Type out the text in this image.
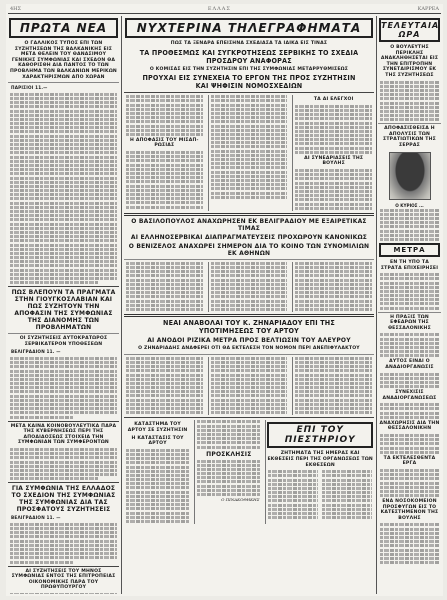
4ΗΣ	ΕΛΛΑΣ	ΚΑΡΡΕΑ
ΠΡΩΤΑ ΝΕΑ
Ο ΓΑΛΛΙΚΟΣ ΤΥΠΟΣ ΕΠΙ ΤΩΝ ΣΥΖΗΤΗΣΕΩΝ ΤΗΣ ΒΑΛΚΑΝΙΚΗΣ ΕΙΣ ΜΕΤΑ ΘΕΛΕΙΝ ΤΟΥ ΘΑΝΑΣΙΜΟΥ ΓΕΝΙΚΗΣ ΣΥΜΦΩΝΙΑΣ ΚΑΙ ΣΧΕΔΟΝ ΘΑ ΚΑΘΟΡΙΣΘΗ ΔΙΑ ΠΑΝΤΟΣ ΤΟ ΤΩΝ ΠΡΟΒΛΗΜΑ ΤΩΝ ΒΑΛΚΑΝΙΩΝ ΜΕΡΙΚΩΝ ΧΑΡΑΚΤΗΡΙΣΜΩΝ ΑΠΟ ΧΩΡΑΝ
ΠΑΡΙΣΙΟΙ 11.—
ΠΩΣ ΒΛΕΠΟΥΝ ΤΑ ΠΡΑΓΜΑΤΑ ΣΤΗΝ ΓΙΟΥΓΚΟΣΛΑΒΙΑΝ ΚΑΙ ΠΩΣ ΣΥΖΗΤΟΥΝ ΤΗΝ ΑΠΟΦΑΣΙΝ ΤΗΣ ΣΥΜΦΩΝΙΑΣ ΤΗΣ ΔΙΑΝΟΜΗΣ ΤΩΝ ΠΡΟΒΛΗΜΑΤΩΝ
ΟΙ ΣΥΖΗΤΗΣΕΙΣ ΑΥΤΟΚΡΑΤΩΡΟΣ ΣΕΡΒΙΚΑΤΕΡΟΝ ΥΠΟΘΕΣΕΩΝ
ΒΕΛΙΓΡΑΔΙΟΝ 11. —
ΜΕΤΑ ΚΑΙΝΑ ΚΟΙΝΟΒΟΥΛΕΥΤΙΚΑ ΠΑΡΑ ΤΗΣ ΚΥΒΕΡΝΗΣΕΩΣ ΠΕΡΙ ΤΗΣ ΑΠΟΔΙΔΟΣΕΩΣ ΣΤΟΙΧΕΙΑ ΤΗΝ ΣΥΜΦΩΝΙΑΝ ΤΩΝ ΣΥΜΦΕΡΟΝΤΩΝ
ΓΙΑ ΣΥΜΦΩΝΙΑ ΤΗΣ ΕΛΛΑΔΟΣ ΤΟ ΣΧΕΔΙΟΝ ΤΗΣ ΣΥΜΦΩΝΙΑΣ ΤΗΣ ΣΥΜΦΩΝΙΑΣ ΔΙΑ ΤΑΣ ΠΡΟΣΦΑΤΟΥΣ ΣΥΖΗΤΗΣΕΙΣ
ΒΕΛΙΓΡΑΔΙΟΝ 11. —
ΑΙ ΣΥΖΗΤΗΣΕΙΣ ΤΟΥ ΜΗΝΟΣ ΣΥΜΦΩΝΙΑΣ ΕΝΤΟΣ ΤΗΣ ΕΠΙΤΡΟΠΕΙΑΣ ΟΙΚΟΝΟΜΙΚΗΣ ΠΑΡΑ ΤΟΥ ΠΡΩΘΥΠΟΥΡΓΟΥ
ΝΥΧΤΕΡΙΝΑ ΤΗΛΕΓΡΑΦΗΜΑΤΑ
ΠΩΣ ΤΑ ΞΕΝΑΡΑ ΕΠΕΙΣΗΝΑ ΣΧΕΔΙΑΣΑ ΤΑ ΙΔΙΚΑ ΕΙΣ ΤΙΝΑΣ
ΤΑ ΠΡΟΘΕΣΜΩΣ ΚΑΙ ΣΥΓΚΡΟΤΗΣΕΩΣ ΣΕΡΒΙΚΗΣ ΤΟ ΣΧΕΔΙΑ ΠΡΟΣΔΡΟΥ ΑΝΑΦΟΡΑΣ
Ο ΚΟΜΙΣΑΣ ΕΙΣ ΤΗΝ ΣΥΖΗΤΗΣΙΝ ΕΠΙ ΤΗΣ ΣΥΜΦΩΝΙΑΣ ΜΕΤΑΡΡΥΘΜΙΣΕΩΣ
ΠΡΟΥΧΑΙ ΕΙΣ ΣΥΝΕΧΕΙΑ ΤΟ ΕΡΓΟΝ ΤΗΣ ΠΡΟΣ ΣΥΖΗΤΗΣΙΝ ΚΑΙ ΨΗΦΙΣΙΝ ΝΟΜΟΣΧΕΔΙΩΝ
Η ΑΠΟΦΑΣΙΣ ΤΟΥ ΜΙΣΑΠ-ΡΩΣΙΑΣ
ΤΑ ΑΙ ΕΛΕΓΧΟΙ
ΑΙ ΣΥΝΕΔΡΙΑΣΕΙΣ ΤΗΣ ΒΟΥΛΗΣ
Ο ΒΑΣΙΛΟΠΟΥΛΟΣ ΑΝΑΧΩΡΗΣΕΝ ΕΚ ΒΕΛΙΓΡΑΔΙΟΥ ΜΕ ΕΞΑΙΡΕΤΙΚΑΣ ΤΙΜΑΣ
ΑΙ ΕΛΛΗΝΟΣΕΡΒΙΚΑΙ ΔΙΑΠΡΑΓΜΑΤΕΥΣΕΙΣ ΠΡΟΧΩΡΟΥΝ ΚΑΝΟΝΙΚΩΣ
Ο ΒΕΝΙΖΕΛΟΣ ΑΝΑΧΩΡΕΙ ΣΗΜΕΡΟΝ ΔΙΑ ΤΟ ΚΟΙΝΟ ΤΩΝ ΣΥΝΟΜΙΛΙΩΝ ΕΚ ΑΘΗΝΩΝ
ΝΕΑΙ ΑΝΑΒΟΛΑΙ ΤΟΥ Κ. ΖΗΝΑΡΙΑΔΟΥ ΕΠΙ ΤΗΣ ΥΠΟΤΙΜΗΣΕΩΣ ΤΟΥ ΑΡΤΟΥ
ΑΙ ΑΝΟΔΟΙ ΡΙΖΙΚΑ ΜΕΤΡΑ ΠΡΟΣ ΒΕΛΤΙΩΣΙΝ ΤΟΥ ΑΛΕΥΡΟΥ
Ο ΖΗΝΑΡΙΑΔΗΣ ΑΝΑΦΕΡΕΙ ΟΤΙ ΘΑ ΕΚΤΕΛΕΣΗ ΤΟΝ ΝΟΜΟΝ ΠΕΡΙ ΑΝΕΠΙΦΥΛΑΚΤΟΥ
ΚΑΤΑΣΤΗΜΑ ΤΟΥ ΑΡΤΟΥ ΣΕ ΣΥΖΗΤΗΣΙΝ
Η ΚΑΤΑΣΤΑΣΙΣ ΤΟΥ ΑΡΤΟΥ
ΠΡΟΣΚΛΗΣΙΣ
Ο ΠΙΝΑΚΟΘΗΚΗΣ
ΕΠΙ ΤΟΥ ΠΙΕΣΤΗΡΙΟΥ
ΖΗΤΗΜΑΤΑ ΤΗΣ ΗΜΕΡΑΣ ΚΑΙ ΕΚΘΕΣΕΙΣ ΠΕΡΙ ΤΗΣ ΟΡΓΑΝΩΣΕΩΣ ΤΩΝ ΕΚΘΕΣΕΩΝ
ΤΕΛΕΥΤΑΙΑ ΩΡΑ
Ο ΒΟΥΛΕΥΤΗΣ ΠΕΡΙΚΛΗΣ ΑΝΑΚΛΗΘΗΣΕΤΑΙ ΕΙΣ ΤΗΝ ΕΠΙΤΡΟΠΗΝ ΣΥΝΕΤΑΙΡΙΣΜΟΥ ΕΚ ΤΗΣ ΣΥΖΗΤΗΣΕΩΣ
ΑΠΟΦΑΣΙΣΘΕΙΣΑ Η ΑΠΟΛΥΣΙΣ ΤΩΝ ΣΤΡΑΤΙΩΤΙΚΩΝ ΤΗΣ ΣΕΡΡΑΣ
Ο ΚΥΡΙΟΣ ...
ΜΕΤΡΑ
ΕΝ ΤΗ ΥΠΟ ΤΑ ΣΤΡΑΤΑ ΕΠΙΧΕΙΡΗΣΕΙ
Η ΠΡΑΞΙΣ ΤΩΝ ΕΦΕΔΡΩΝ ΤΗΣ ΘΕΣΣΑΛΟΝΙΚΗΣ
ΑΥΤΟΣ ΕΙΝΑΙ Ο ΑΝΑΔΙΟΡΓΑΝΩΣΙΣ
ΣΥΝΕΧΙΣΙΣ ΑΝΑΔΙΟΡΓΑΝΩΣΕΩΣ
ΑΝΑΧΩΡΗΣΙΣ ΔΙΑ ΤΗΝ ΘΕΣΣΑΛΟΝΙΚΗΝ
ΤΑ ΕΚΤΕΛΕΣΘΕΝΤΑ ΕΡΓΑ
ΕΝΑ ΝΟΣΟΚΟΜΕΙΟΝ ΠΡΟΣΦΥΓΩΝ ΕΙΣ ΤΟ ΚΑΤΕΣΤΗΜΕΝΟΝ ΤΗΣ ΒΟΥΛΗΣ
